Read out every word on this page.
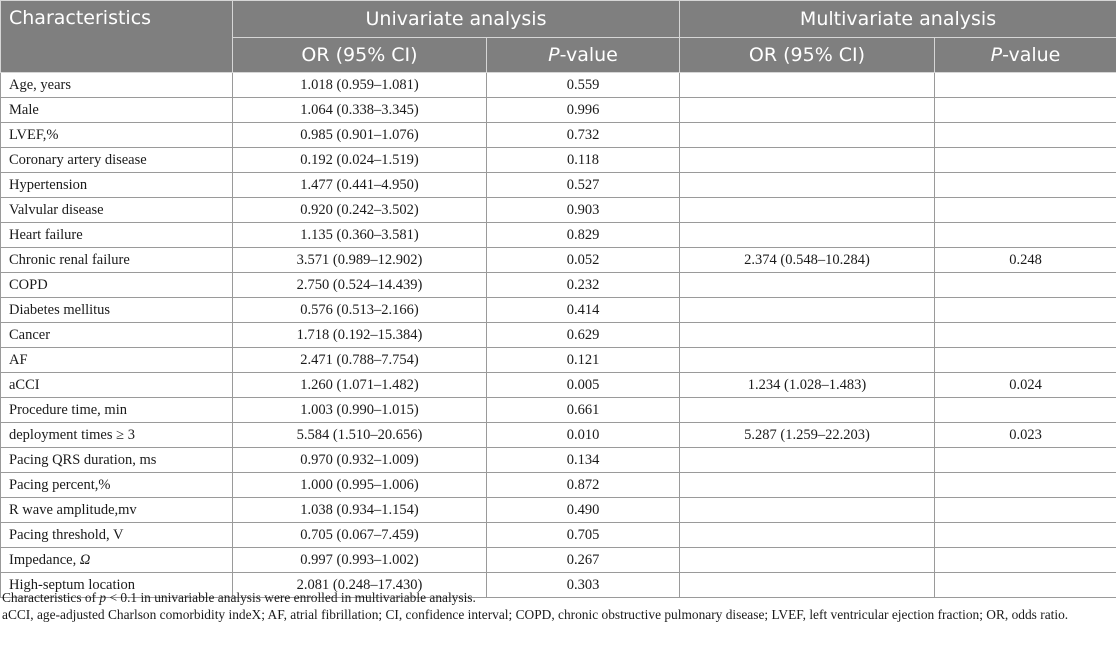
Characteristics	Univariate analysis		Multivariate analysis	
	OR (95% CI)	P-value	OR (95% CI)	P-value
Age, years	1.018 (0.959–1.081)	0.559		
Male	1.064 (0.338–3.345)	0.996		
LVEF,%	0.985 (0.901–1.076)	0.732		
Coronary artery disease	0.192 (0.024–1.519)	0.118		
Hypertension	1.477 (0.441–4.950)	0.527		
Valvular disease	0.920 (0.242–3.502)	0.903		
Heart failure	1.135 (0.360–3.581)	0.829		
Chronic renal failure	3.571 (0.989–12.902)	0.052	2.374 (0.548–10.284)	0.248
COPD	2.750 (0.524–14.439)	0.232		
Diabetes mellitus	0.576 (0.513–2.166)	0.414		
Cancer	1.718 (0.192–15.384)	0.629		
AF	2.471 (0.788–7.754)	0.121		
aCCI	1.260 (1.071–1.482)	0.005	1.234 (1.028–1.483)	0.024
Procedure time, min	1.003 (0.990–1.015)	0.661		
deployment times ≥ 3	5.584 (1.510–20.656)	0.010	5.287 (1.259–22.203)	0.023
Pacing QRS duration, ms	0.970 (0.932–1.009)	0.134		
Pacing percent,%	1.000 (0.995–1.006)	0.872		
R wave amplitude,mv	1.038 (0.934–1.154)	0.490		
Pacing threshold, V	0.705 (0.067–7.459)	0.705		
Impedance, Ω	0.997 (0.993–1.002)	0.267		
High-septum location	2.081 (0.248–17.430)	0.303		

Characteristics of p < 0.1 in univariable analysis were enrolled in multivariable analysis.

aCCI, age-adjusted Charlson comorbidity indeX; AF, atrial fibrillation; CI, confidence interval; COPD, chronic obstructive pulmonary disease; LVEF, left ventricular ejection fraction; OR, odds ratio.
